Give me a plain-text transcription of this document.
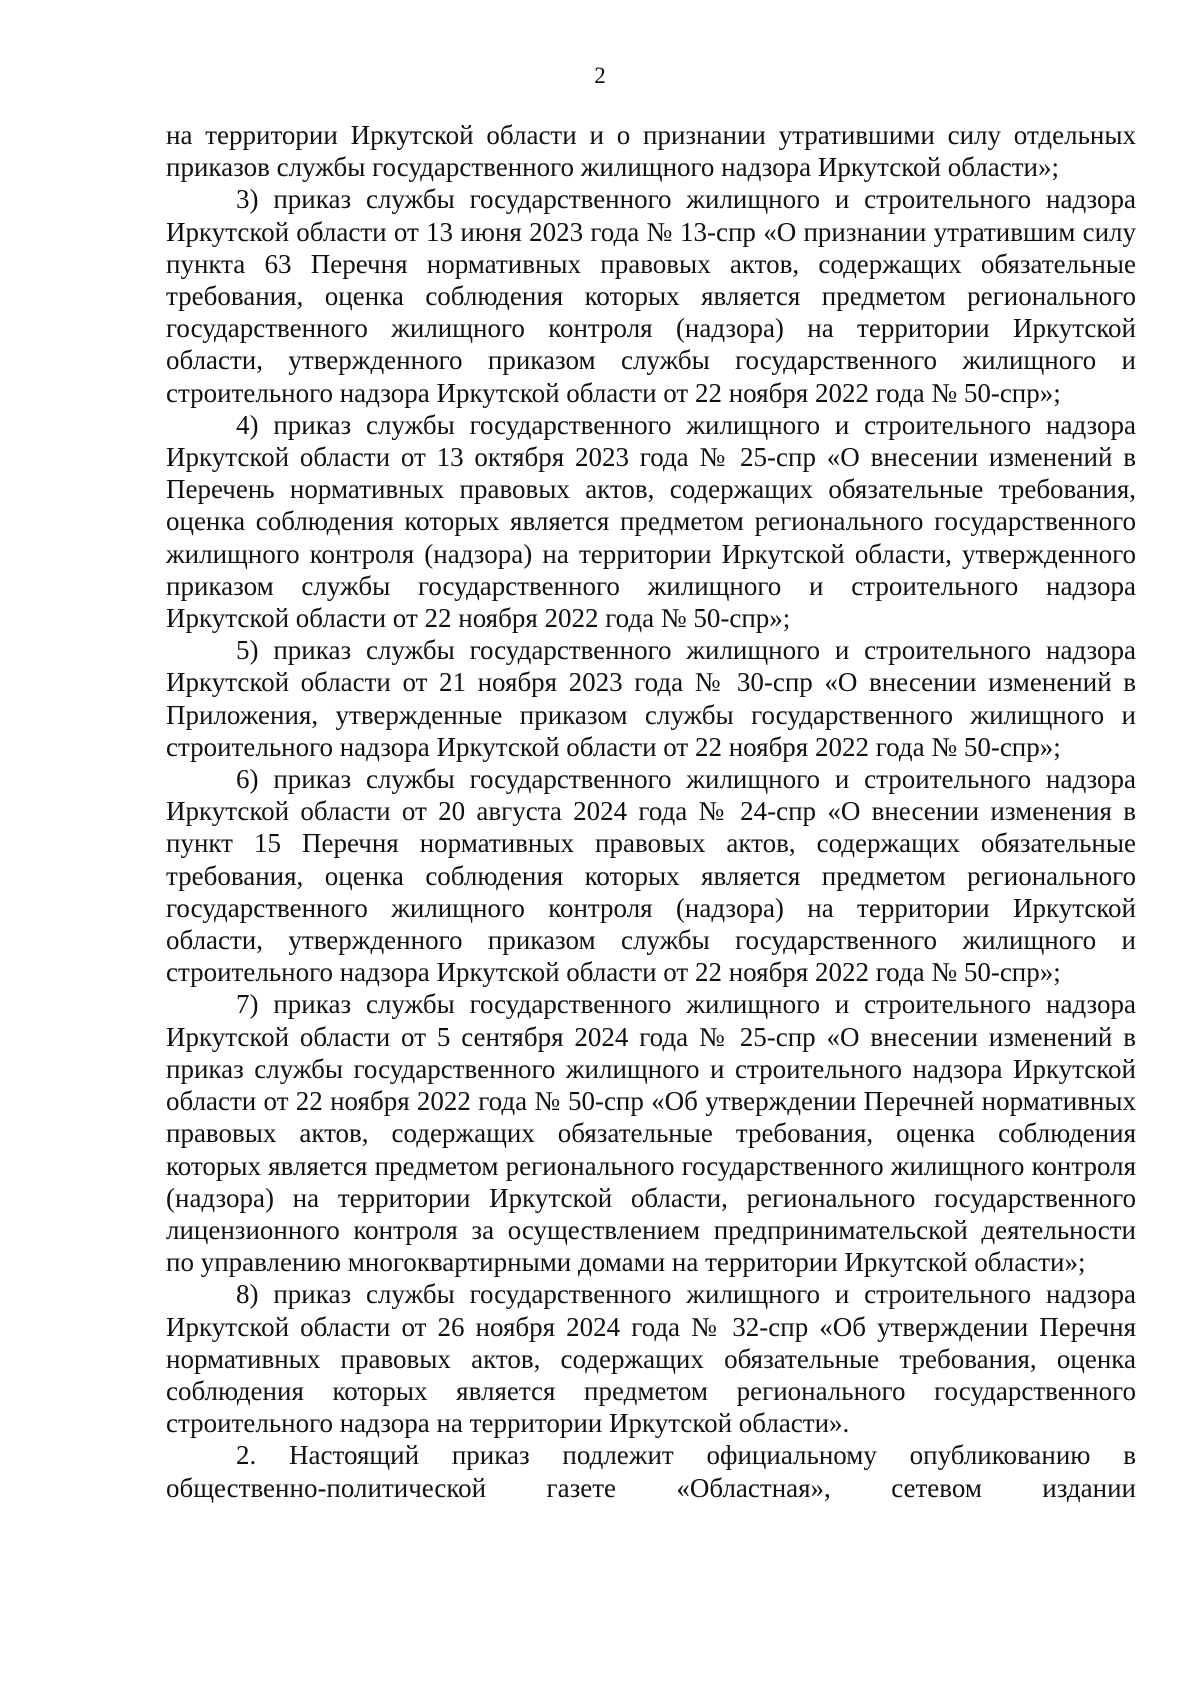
2

на территории Иркутской области и о признании утратившими силу отдельных приказов службы государственного жилищного надзора Иркутской области»;

3) приказ службы государственного жилищного и строительного надзора Иркутской области от 13 июня 2023 года № 13-спр «О признании утратившим силу пункта 63 Перечня нормативных правовых актов, содержащих обязательные требования, оценка соблюдения которых является предметом регионального государственного жилищного контроля (надзора) на территории Иркутской области, утвержденного приказом службы государственного жилищного и строительного надзора Иркутской области от 22 ноября 2022 года № 50-спр»;

4) приказ службы государственного жилищного и строительного надзора Иркутской области от 13 октября 2023 года № 25-спр «О внесении изменений в Перечень нормативных правовых актов, содержащих обязательные требования, оценка соблюдения которых является предметом регионального государственного жилищного контроля (надзора) на территории Иркутской области, утвержденного приказом службы государственного жилищного и строительного надзора Иркутской области от 22 ноября 2022 года № 50-спр»;

5) приказ службы государственного жилищного и строительного надзора Иркутской области от 21 ноября 2023 года № 30-спр «О внесении изменений в Приложения, утвержденные приказом службы государственного жилищного и строительного надзора Иркутской области от 22 ноября 2022 года № 50-спр»;

6) приказ службы государственного жилищного и строительного надзора Иркутской области от 20 августа 2024 года № 24-спр «О внесении изменения в пункт 15 Перечня нормативных правовых актов, содержащих обязательные требования, оценка соблюдения которых является предметом регионального государственного жилищного контроля (надзора) на территории Иркутской области, утвержденного приказом службы государственного жилищного и строительного надзора Иркутской области от 22 ноября 2022 года № 50-спр»;

7) приказ службы государственного жилищного и строительного надзора Иркутской области от 5 сентября 2024 года № 25-спр «О внесении изменений в приказ службы государственного жилищного и строительного надзора Иркутской области от 22 ноября 2022 года № 50-спр «Об утверждении Перечней нормативных правовых актов, содержащих обязательные требования, оценка соблюдения которых является предметом регионального государственного жилищного контроля (надзора) на территории Иркутской области, регионального государственного лицензионного контроля за осуществлением предпринимательской деятельности по управлению многоквартирными домами на территории Иркутской области»;

8) приказ службы государственного жилищного и строительного надзора Иркутской области от 26 ноября 2024 года № 32-спр «Об утверждении Перечня нормативных правовых актов, содержащих обязательные требования, оценка соблюдения которых является предметом регионального государственного строительного надзора на территории Иркутской области».

2. Настоящий приказ подлежит официальному опубликованию в общественно-политической газете «Областная», сетевом издании
